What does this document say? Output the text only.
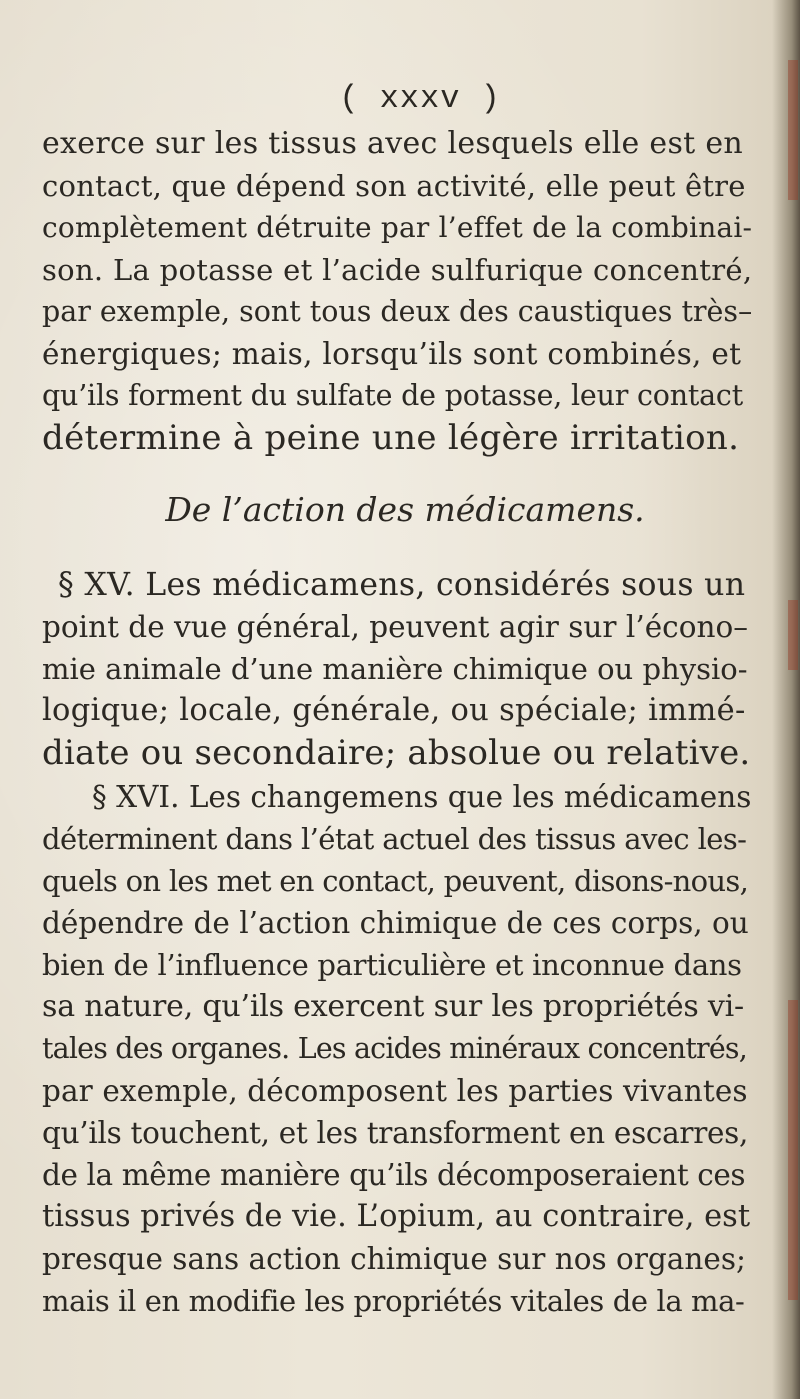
( xxxv )
exerce sur les tissus avec lesquels elle est en
contact, que dépend son activité, elle peut être
complètement détruite par l’effet de la combinai-
son. La potasse et l’acide sulfurique concentré,
par exemple, sont tous deux des caustiques très–
énergiques; mais, lorsqu’ils sont combinés, et
qu’ils forment du sulfate de potasse, leur contact
détermine à peine une légère irritation.
De l’action des médicamens.
§ XV. Les médicamens, considérés sous un
point de vue général, peuvent agir sur l’écono–
mie animale d’une manière chimique ou physio-
logique; locale, générale, ou spéciale; immé-
diate ou secondaire; absolue ou relative.
§ XVI. Les changemens que les médicamens
déterminent dans l’état actuel des tissus avec les-
quels on les met en contact, peuvent, disons-nous,
dépendre de l’action chimique de ces corps, ou
bien de l’influence particulière et inconnue dans
sa nature, qu’ils exercent sur les propriétés vi-
tales des organes. Les acides minéraux concentrés,
par exemple, décomposent les parties vivantes
qu’ils touchent, et les transforment en escarres,
de la même manière qu’ils décomposeraient ces
tissus privés de vie. L’opium, au contraire, est
presque sans action chimique sur nos organes;
mais il en modifie les propriétés vitales de la ma-
